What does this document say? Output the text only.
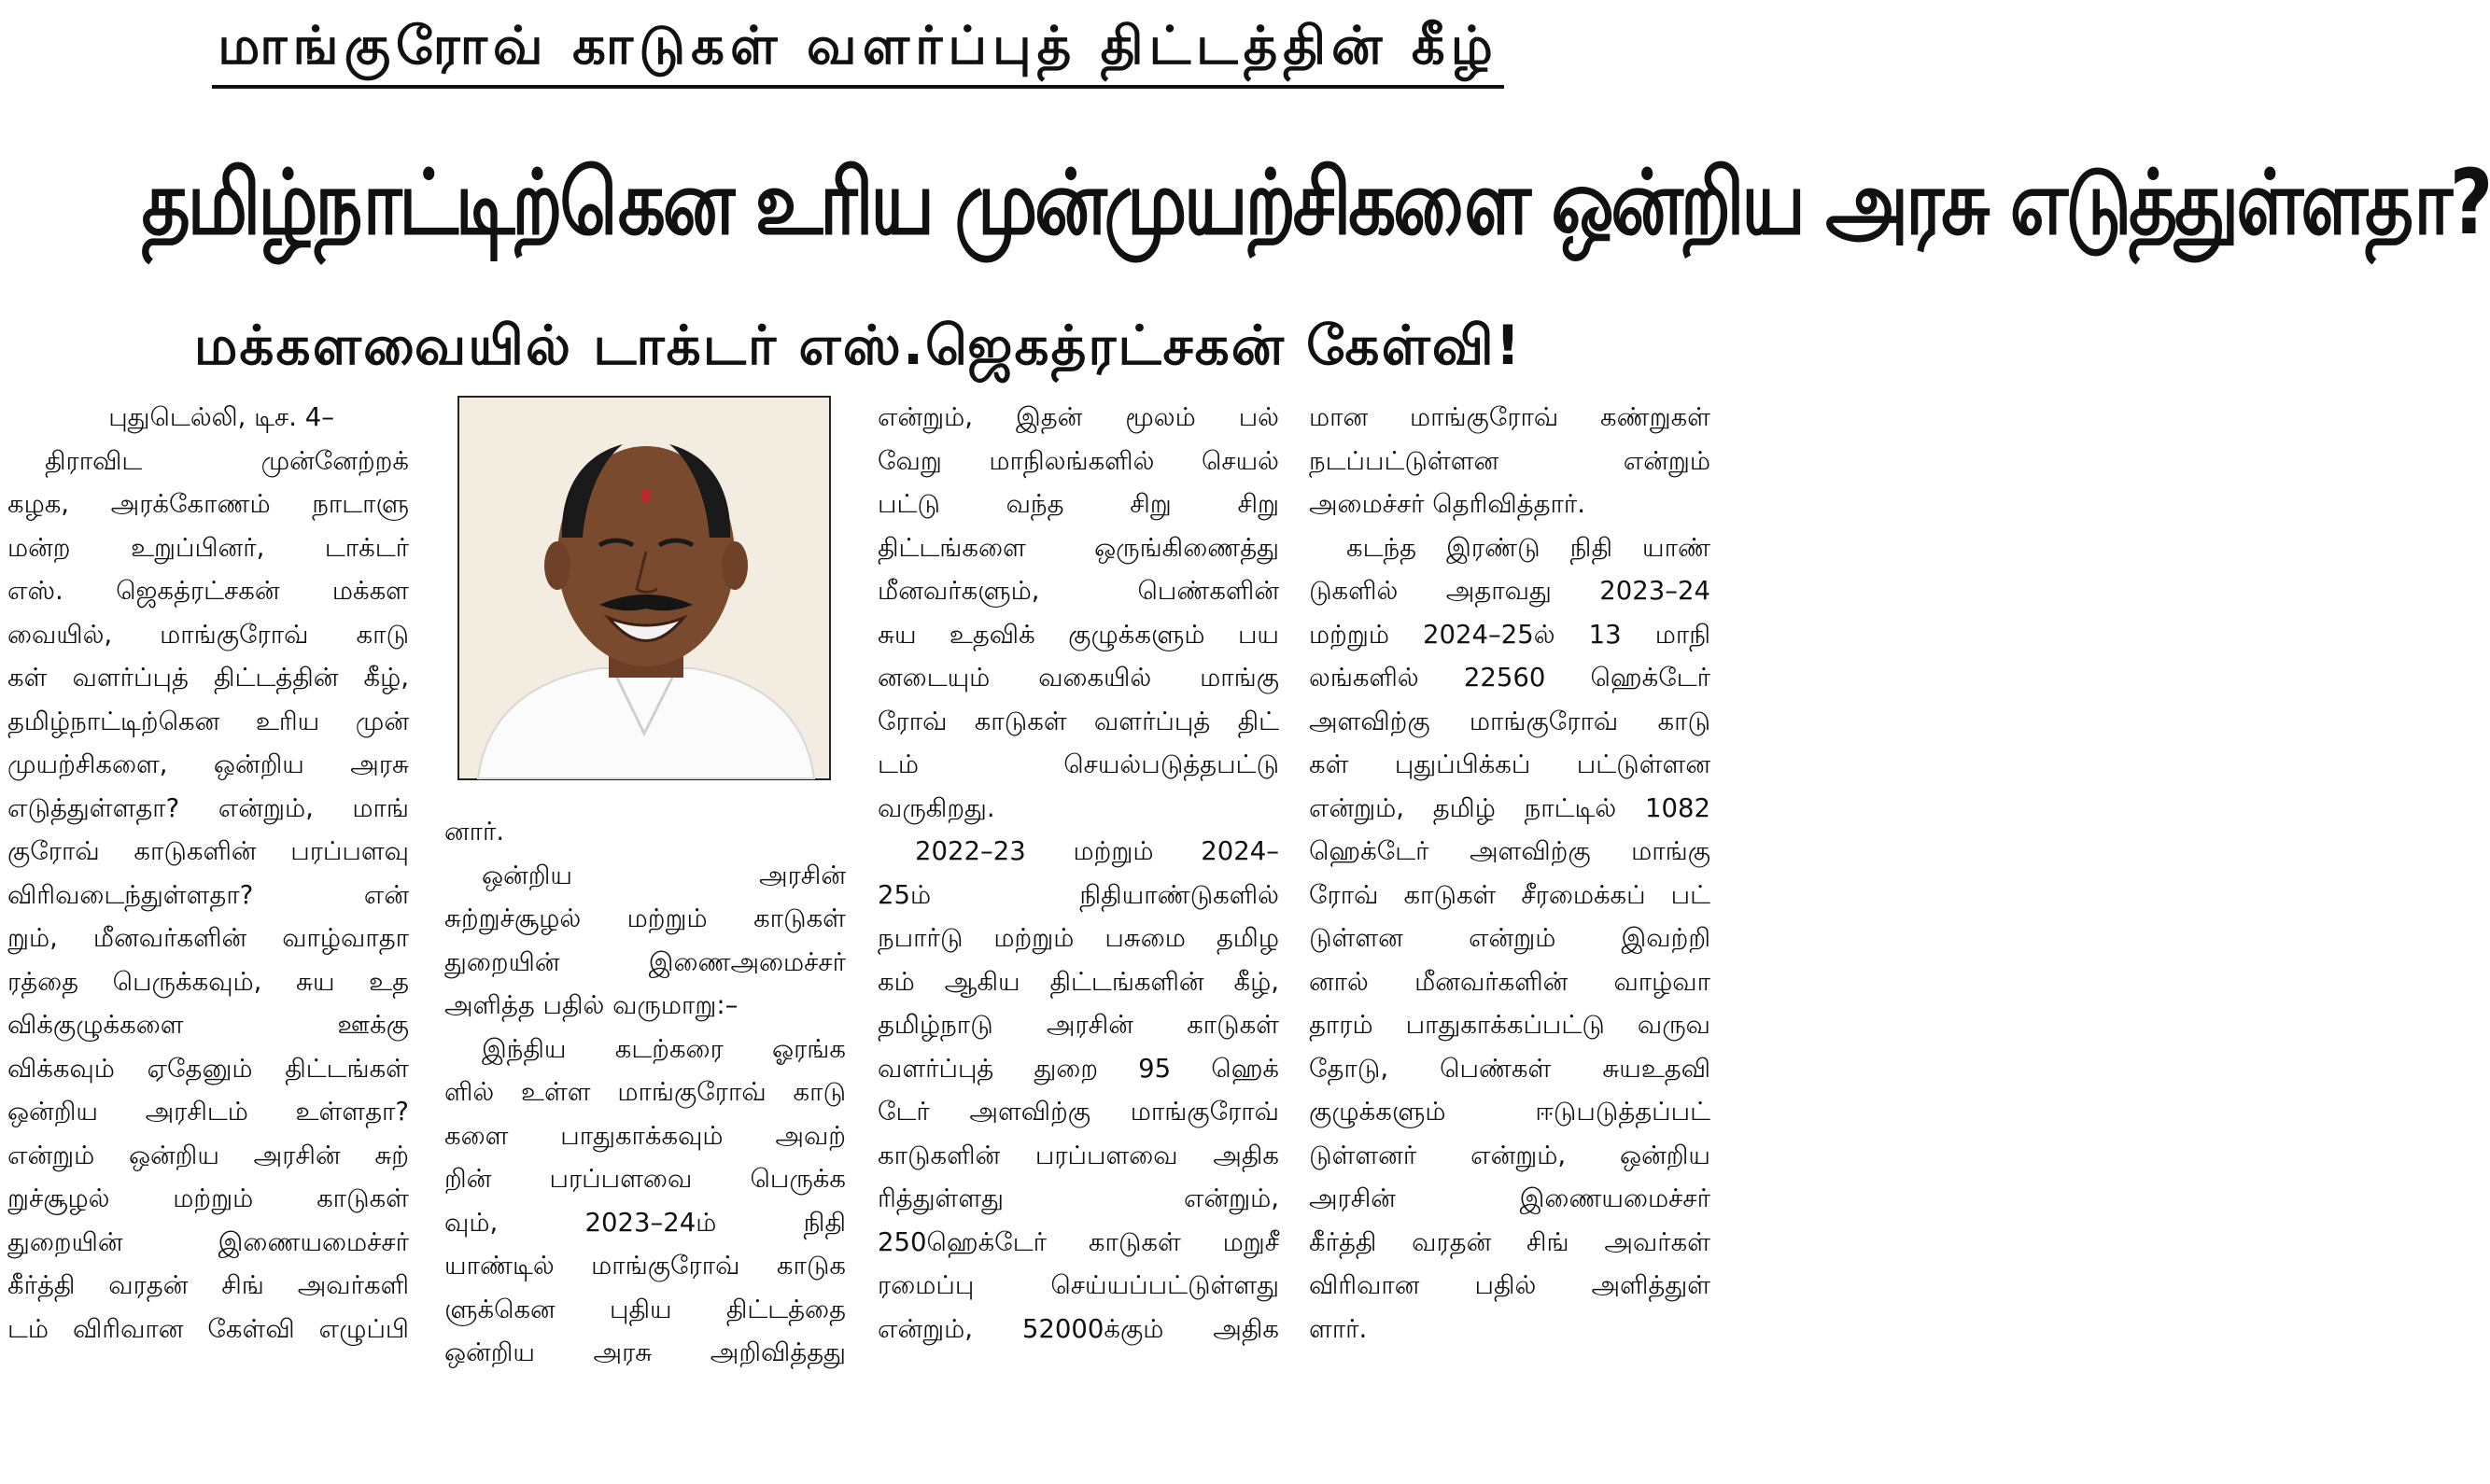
மாங்குரோவ் காடுகள் வளர்ப்புத் திட்டத்தின் கீழ்
தமிழ்நாட்டிற்கென உரிய முன்முயற்சிகளை ஒன்றிய அரசு எடுத்துள்ளதா?
மக்களவையில் டாக்டர் எஸ்.ஜெகத்ரட்சகன் கேள்வி!

புதுடெல்லி, டிச. 4–

திராவிட முன்னேற்றக்

கழக, அரக்கோணம் நாடாளு

மன்ற உறுப்பினர், டாக்டர்

எஸ். ஜெகத்ரட்சகன் மக்கள

வையில், மாங்குரோவ் காடு

கள் வளர்ப்புத் திட்டத்தின் கீழ்,

தமிழ்நாட்டிற்கென உரிய முன்

முயற்சிகளை, ஒன்றிய அரசு

எடுத்துள்ளதா? என்றும், மாங்

குரோவ் காடுகளின் பரப்பளவு

விரிவடைந்துள்ளதா? என்

றும், மீனவர்களின் வாழ்வாதா

ரத்தை பெருக்கவும், சுய உத

விக்குழுக்களை ஊக்கு

விக்கவும் ஏதேனும் திட்டங்கள்

ஒன்றிய அரசிடம் உள்ளதா?

என்றும் ஒன்றிய அரசின் சுற்

றுச்சூழல் மற்றும் காடுகள்

துறையின் இணையமைச்சர்

கீர்த்தி வரதன் சிங் அவர்களி

டம் விரிவான கேள்வி எழுப்பி

னார்.

ஒன்றிய அரசின்

சுற்றுச்சூழல் மற்றும் காடுகள்

துறையின் இணைஅமைச்சர்

அளித்த பதில் வருமாறு:–

இந்திய கடற்கரை ஓரங்க

ளில் உள்ள மாங்குரோவ் காடு

களை பாதுகாக்கவும் அவற்

றின் பரப்பளவை பெருக்க

வும், 2023–24ம் நிதி

யாண்டில் மாங்குரோவ் காடுக

ளுக்கென புதிய திட்டத்தை

ஒன்றிய அரசு அறிவித்தது

என்றும், இதன் மூலம் பல்

வேறு மாநிலங்களில் செயல்

பட்டு வந்த சிறு சிறு

திட்டங்களை ஒருங்கிணைத்து

மீனவர்களும், பெண்களின்

சுய உதவிக் குழுக்களும் பய

னடையும் வகையில் மாங்கு

ரோவ் காடுகள் வளர்ப்புத் திட்

டம் செயல்படுத்தபட்டு

வருகிறது.

2022–23 மற்றும் 2024–

25ம் நிதியாண்டுகளில்

நபார்டு மற்றும் பசுமை தமிழ

கம் ஆகிய திட்டங்களின் கீழ்,

தமிழ்நாடு அரசின் காடுகள்

வளர்ப்புத் துறை 95 ஹெக்

டேர் அளவிற்கு மாங்குரோவ்

காடுகளின் பரப்பளவை அதிக

ரித்துள்ளது என்றும்,

250ஹெக்டேர் காடுகள் மறுசீ

ரமைப்பு செய்யப்பட்டுள்ளது

என்றும், 52000க்கும் அதிக

மான மாங்குரோவ் கண்றுகள்

நடப்பட்டுள்ளன என்றும்

அமைச்சர் தெரிவித்தார்.

கடந்த இரண்டு நிதி யாண்

டுகளில் அதாவது 2023–24

மற்றும் 2024–25ல் 13 மாநி

லங்களில் 22560 ஹெக்டேர்

அளவிற்கு மாங்குரோவ் காடு

கள் புதுப்பிக்கப் பட்டுள்ளன

என்றும், தமிழ் நாட்டில் 1082

ஹெக்டேர் அளவிற்கு மாங்கு

ரோவ் காடுகள் சீரமைக்கப் பட்

டுள்ளன என்றும் இவற்றி

னால் மீனவர்களின் வாழ்வா

தாரம் பாதுகாக்கப்பட்டு வருவ

தோடு, பெண்கள் சுயஉதவி

குழுக்களும் ஈடுபடுத்தப்பட்

டுள்ளனர் என்றும், ஒன்றிய

அரசின் இணையமைச்சர்

கீர்த்தி வரதன் சிங் அவர்கள்

விரிவான பதில் அளித்துள்

ளார்.
